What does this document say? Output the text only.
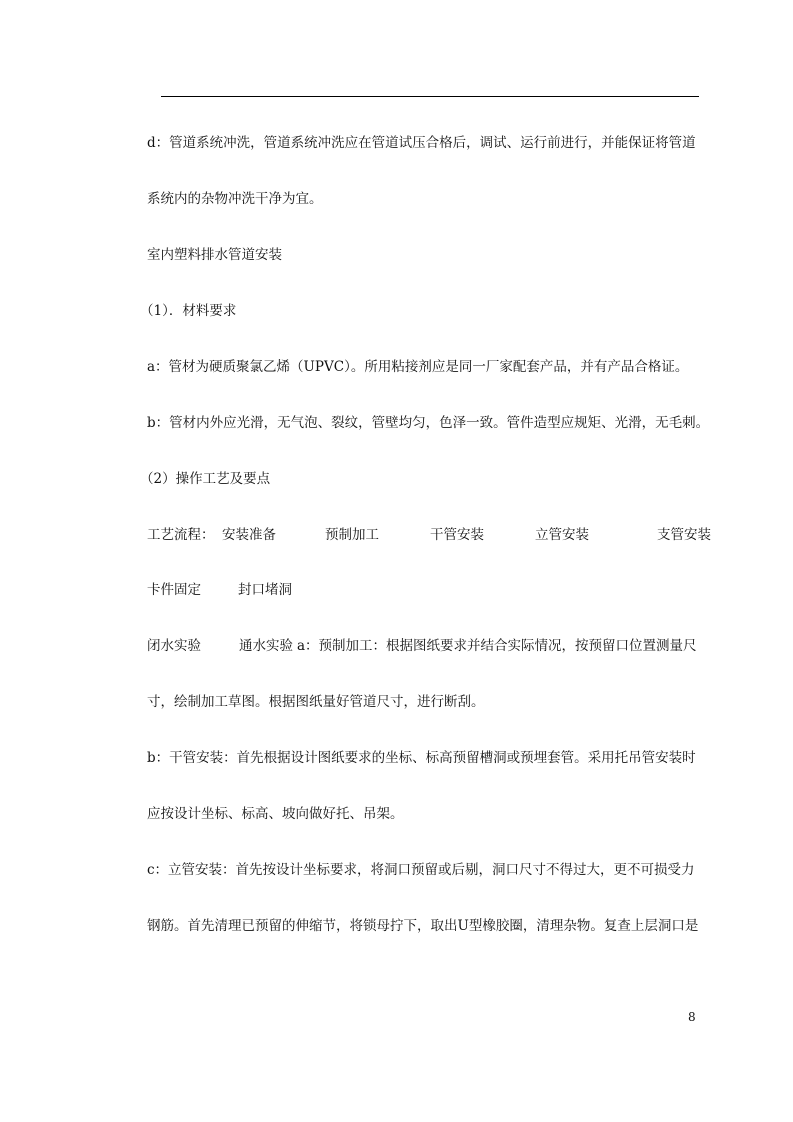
d：管道系统冲洗，管道系统冲洗应在管道试压合格后，调试、运行前进行，并能保证将管道
系统内的杂物冲洗干净为宜。
室内塑料排水管道安装
（1）．材料要求
a：管材为硬质聚氯乙烯（UPVC）。所用粘接剂应是同一厂家配套产品，并有产品合格证。
b：管材内外应光滑，无气泡、裂纹，管壁均匀，色泽一致。管件造型应规矩、光滑，无毛刺。
（2）操作工艺及要点

工艺流程：

安装准备

	预制加工

	干管安装

	立管安装

	支管安装

卡件固定

	封口堵洞

闭水实验

	通水实验

a：预制加工：根据图纸要求并结合实际情况，按预留口位置测量尺

寸，绘制加工草图。根据图纸量好管道尺寸，进行断刮。
b：干管安装：首先根据设计图纸要求的坐标、标高预留槽洞或预埋套管。采用托吊管安装时
应按设计坐标、标高、坡向做好托、吊架。
c：立管安装：首先按设计坐标要求，将洞口预留或后剔，洞口尺寸不得过大，更不可损受力
钢筋。首先清理已预留的伸缩节，将锁母拧下，取出U型橡胶圈，清理杂物。复查上层洞口是
8
